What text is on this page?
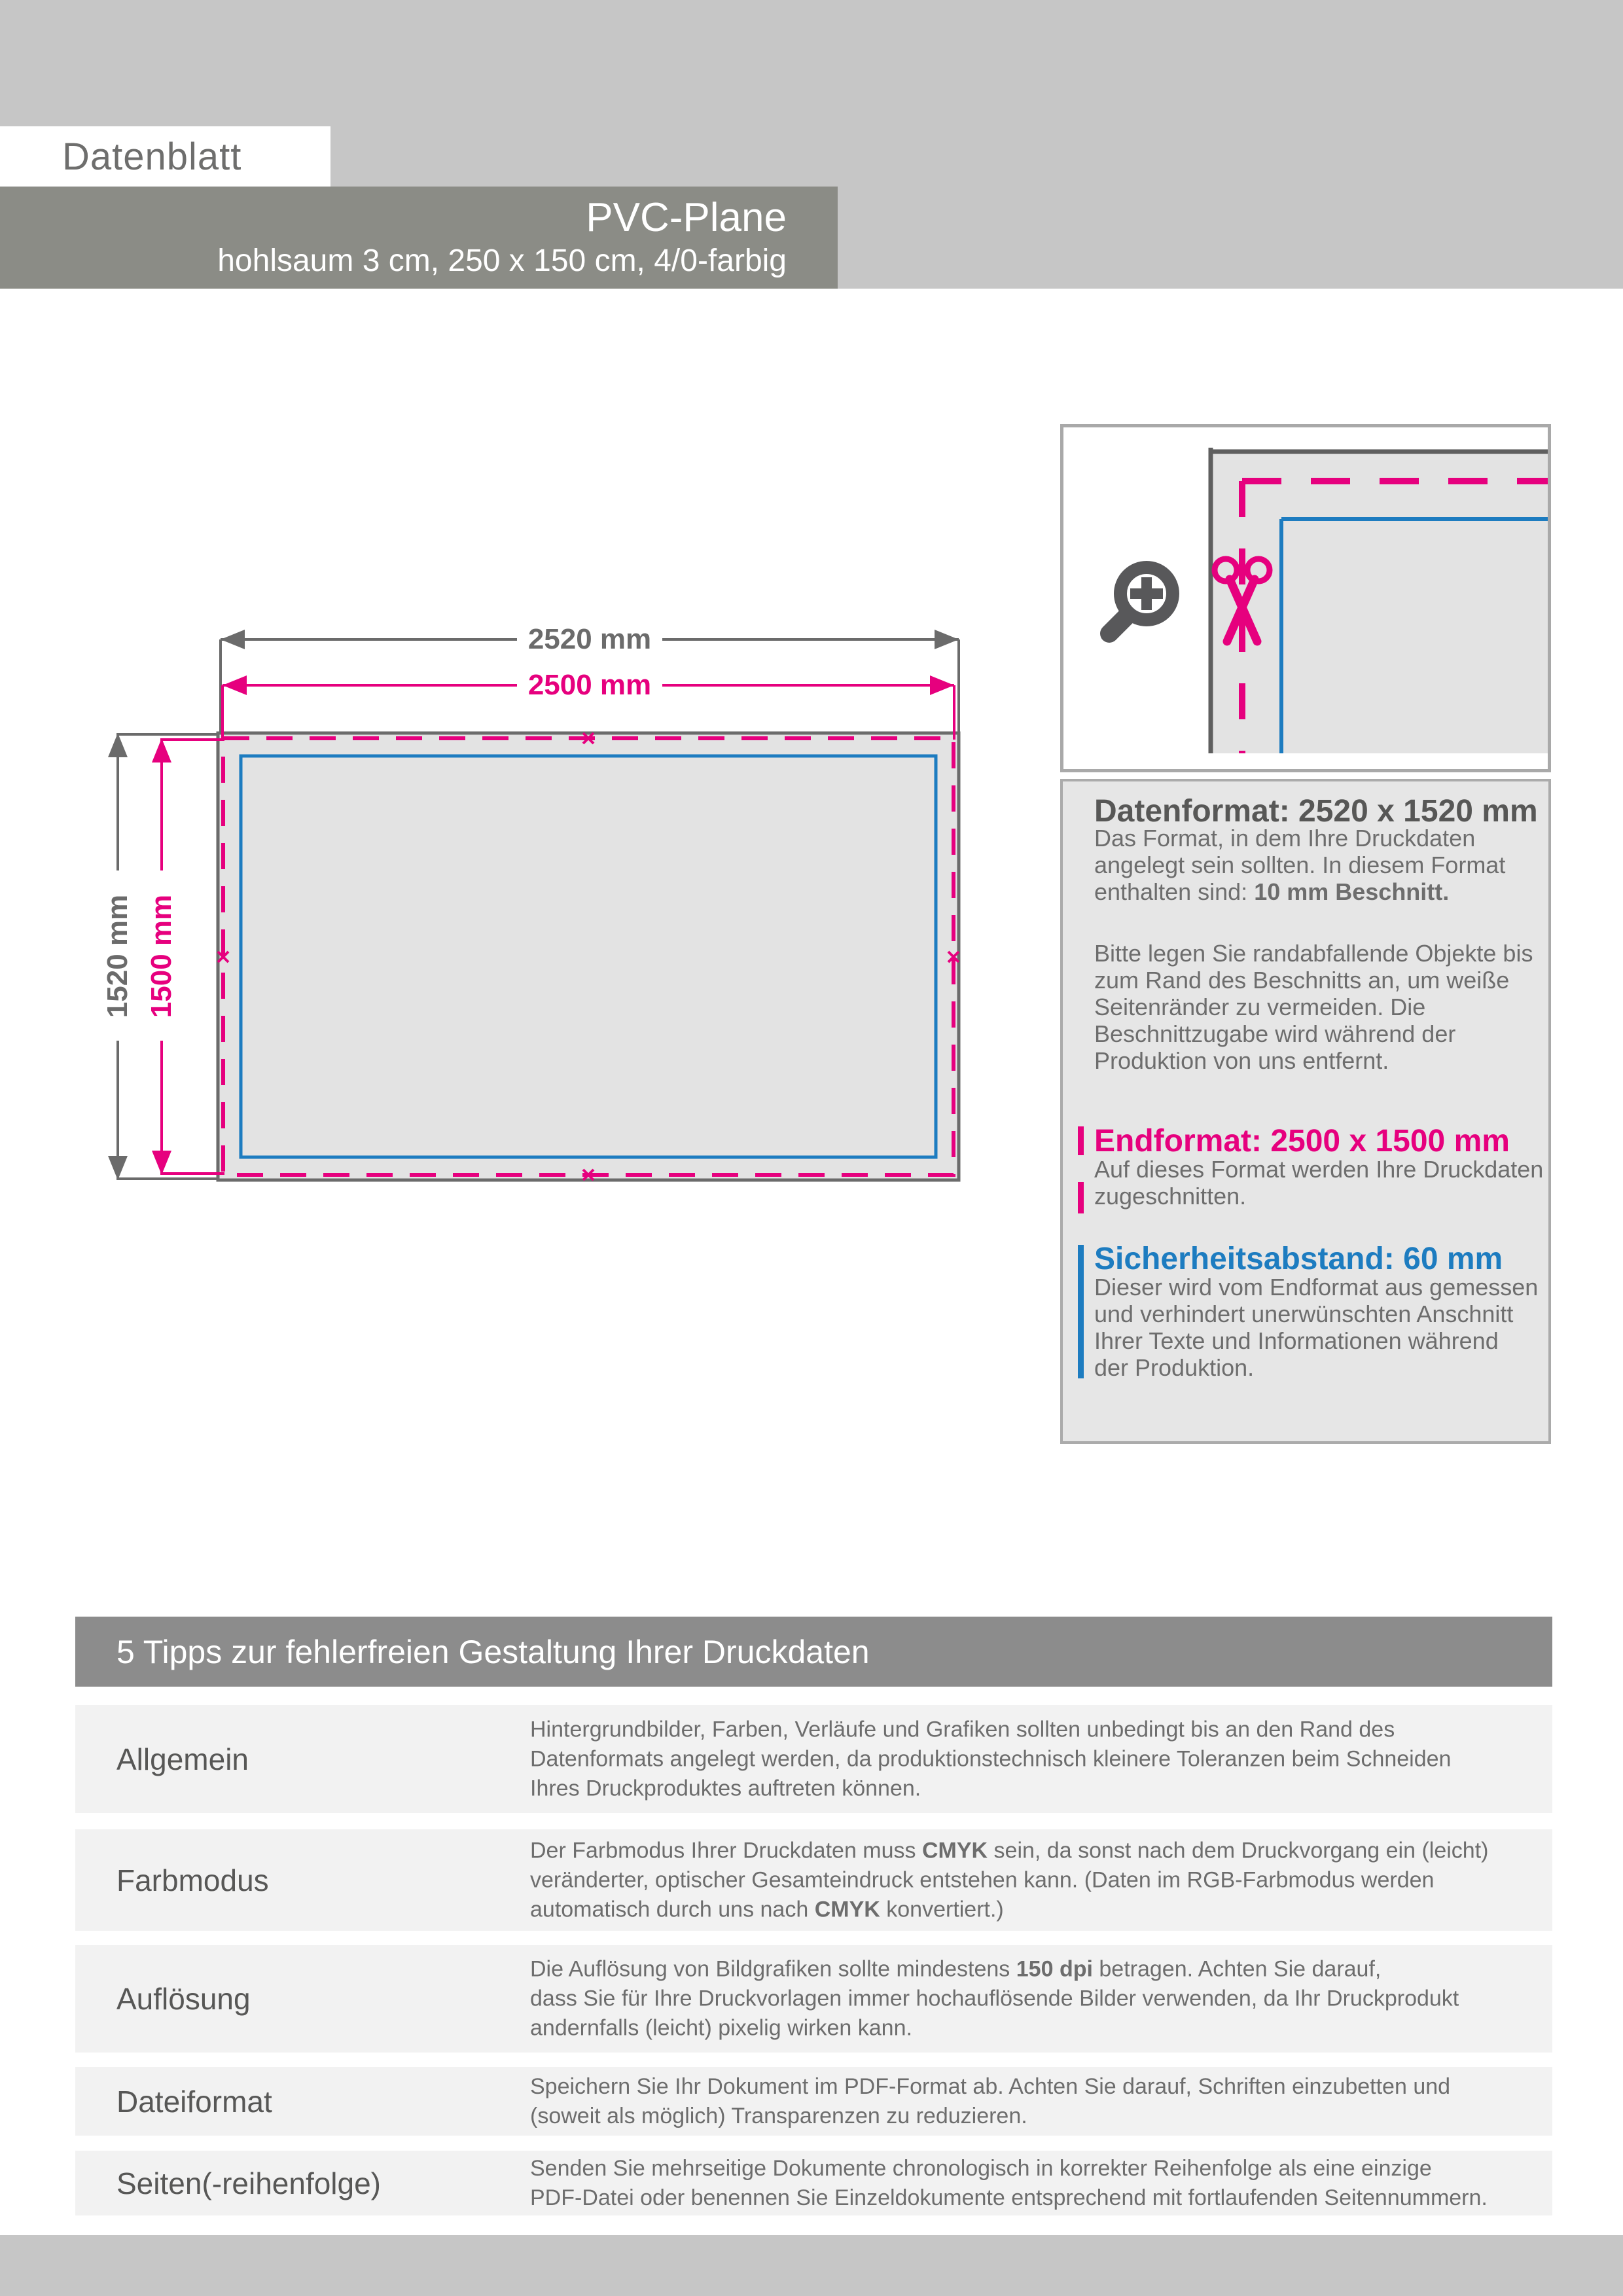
Datenblatt
PVC-Plane
hohlsaum 3 cm, 250 x 150 cm, 4/0-farbig
2520 mm
2500 mm
1520 mm 1500 mm
Datenformat: 2520 x 1520 mm
Das Format, in dem Ihre Druckdaten
angelegt sein sollten. In diesem Format
enthalten sind: 10 mm Beschnitt.
Bitte legen Sie randabfallende Objekte bis
zum Rand des Beschnitts an, um weiße
Seitenränder zu vermeiden. Die
Beschnittzugabe wird während der
Produktion von uns entfernt.
Endformat: 2500 x 1500 mm
Auf dieses Format werden Ihre Druckdaten
zugeschnitten.
Sicherheitsabstand: 60 mm
Dieser wird vom Endformat aus gemessen
und verhindert unerwünschten Anschnitt
Ihrer Texte und Informationen während
der Produktion.
5 Tipps zur fehlerfreien Gestaltung Ihrer Druckdaten
Allgemein
Hintergrundbilder, Farben, Verläufe und Grafiken sollten unbedingt bis an den Rand des
Datenformats angelegt werden, da produktionstechnisch kleinere Toleranzen beim Schneiden
Ihres Druckproduktes auftreten können.
Farbmodus
Der Farbmodus Ihrer Druckdaten muss CMYK sein, da sonst nach dem Druckvorgang ein (leicht)
veränderter, optischer Gesamteindruck entstehen kann. (Daten im RGB-Farbmodus werden
automatisch durch uns nach CMYK konvertiert.)
Auflösung
Die Auflösung von Bildgrafiken sollte mindestens 150 dpi betragen. Achten Sie darauf,
dass Sie für Ihre Druckvorlagen immer hochauflösende Bilder verwenden, da Ihr Druckprodukt
andernfalls (leicht) pixelig wirken kann.
Dateiformat	Speichern Sie Ihr Dokument im PDF-Format ab. Achten Sie darauf, Schriften einzubetten und
(soweit als möglich) Transparenzen zu reduzieren.
Seiten(-reihenfolge)	Senden Sie mehrseitige Dokumente chronologisch in korrekter Reihenfolge als eine einzige
PDF-Datei oder benennen Sie Einzeldokumente entsprechend mit fortlaufenden Seitennummern.
